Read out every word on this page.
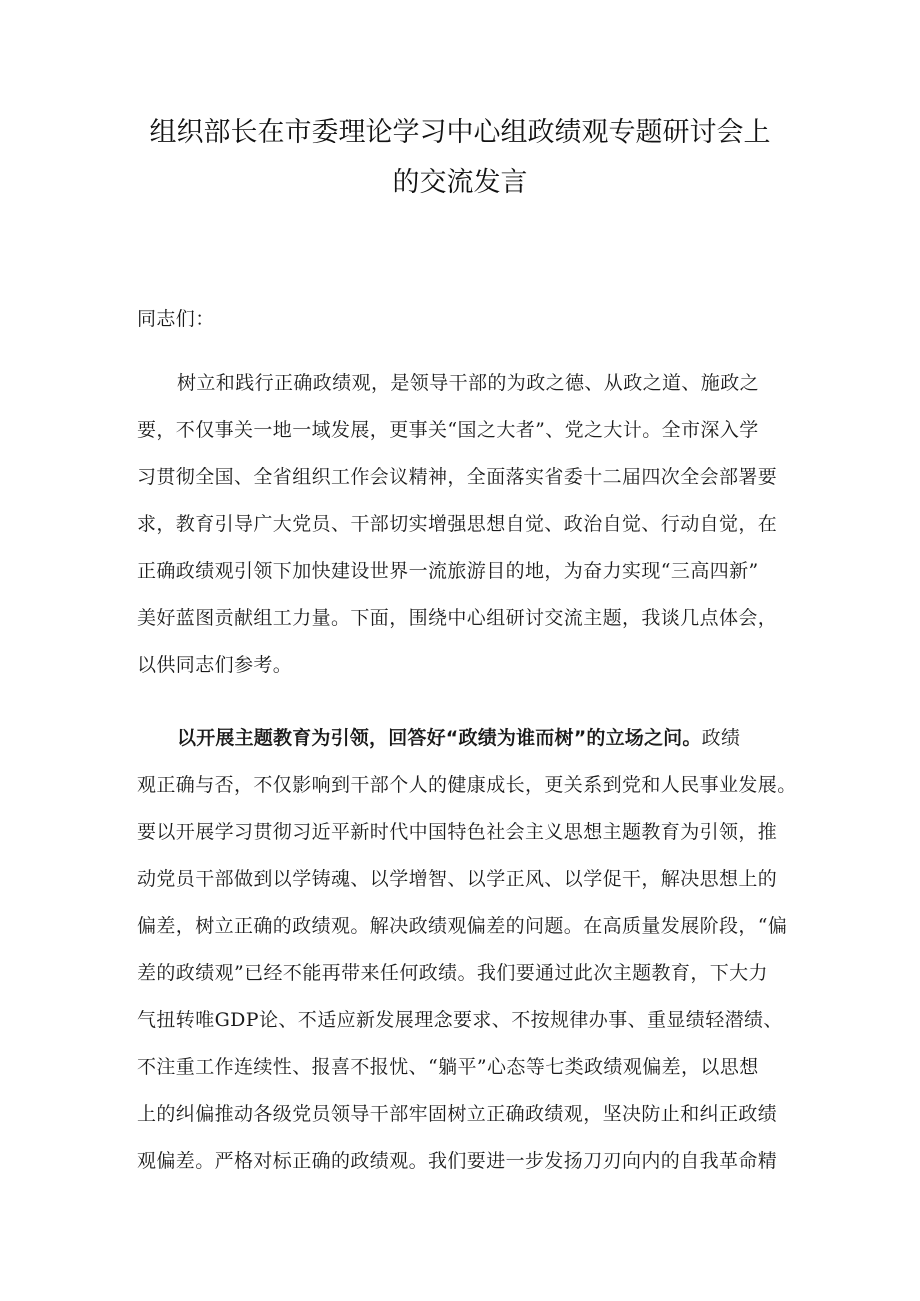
组织部长在市委理论学习中心组政绩观专题研讨会上
的交流发言
同志们：
树立和践行正确政绩观，是领导干部的为政之德、从政之道、施政之
要，不仅事关一地一域发展，更事关“国之大者”、党之大计。全市深入学
习贯彻全国、全省组织工作会议精神，全面落实省委十二届四次全会部署要
求，教育引导广大党员、干部切实增强思想自觉、政治自觉、行动自觉，在
正确政绩观引领下加快建设世界一流旅游目的地，为奋力实现“三高四新”
美好蓝图贡献组工力量。下面，围绕中心组研讨交流主题，我谈几点体会，
以供同志们参考。
以开展主题教育为引领，回答好“政绩为谁而树”的立场之问。政绩
观正确与否，不仅影响到干部个人的健康成长，更关系到党和人民事业发展。
要以开展学习贯彻习近平新时代中国特色社会主义思想主题教育为引领，推
动党员干部做到以学铸魂、以学增智、以学正风、以学促干，解决思想上的
偏差，树立正确的政绩观。解决政绩观偏差的问题。在高质量发展阶段，“偏
差的政绩观”已经不能再带来任何政绩。我们要通过此次主题教育，下大力
气扭转唯GDP论、不适应新发展理念要求、不按规律办事、重显绩轻潜绩、
不注重工作连续性、报喜不报忧、“躺平”心态等七类政绩观偏差，以思想
上的纠偏推动各级党员领导干部牢固树立正确政绩观，坚决防止和纠正政绩
观偏差。严格对标正确的政绩观。我们要进一步发扬刀刃向内的自我革命精
